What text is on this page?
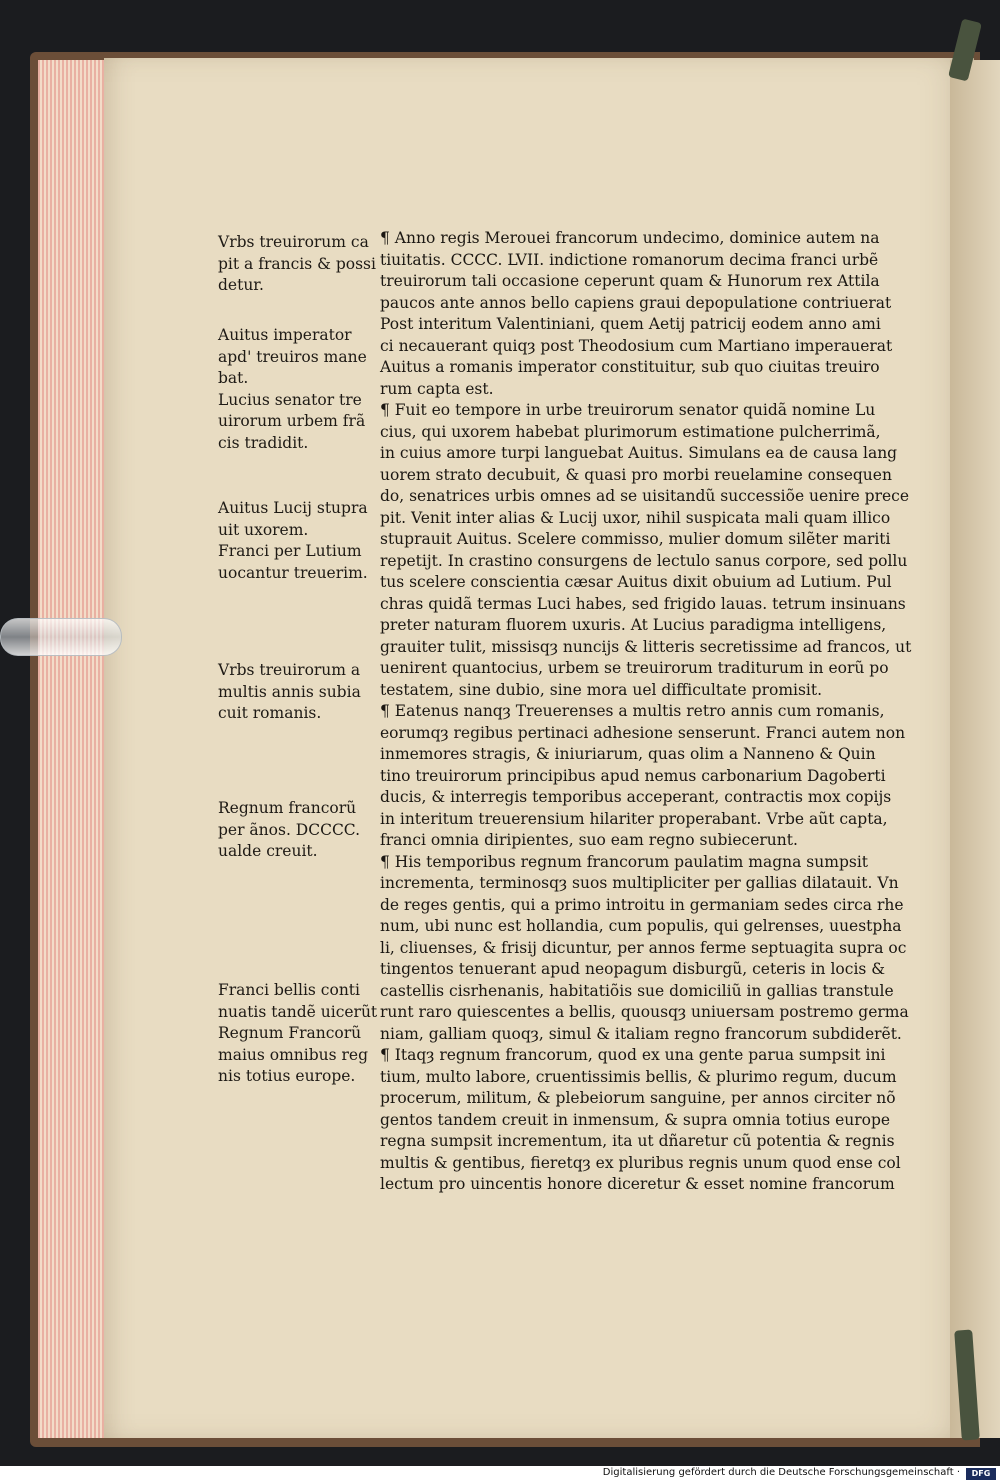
Vrbs treuirorum ca
pit a francis & possi
detur.
Auitus imperator
apd' treuiros mane
bat.
Lucius senator tre
uirorum urbem frã
cis tradidit.
Auitus Lucij stupra
uit uxorem.
Franci per Lutium
uocantur treuerim.
Vrbs treuirorum a
multis annis subia
cuit romanis.
Regnum francorũ
per ãnos. DCCCC.
ualde creuit.
Franci bellis conti
nuatis tandẽ uicerũt
Regnum Francorũ
maius omnibus reg
nis totius europe.
¶ Anno regis Merouei francorum undecimo, dominice autem na
tiuitatis. CCCC. LVII. indictione romanorum decima franci urbẽ
treuirorum tali occasione ceperunt quam & Hunorum rex Attila
paucos ante annos bello capiens graui depopulatione contriuerat
Post interitum Valentiniani, quem Aetij patricij eodem anno ami
ci necauerant quiqȝ post Theodosium cum Martiano imperauerat
Auitus a romanis imperator constituitur, sub quo ciuitas treuiro
rum capta est.
¶ Fuit eo tempore in urbe treuirorum senator quidã nomine Lu
cius, qui uxorem habebat plurimorum estimatione pulcherrimã,
in cuius amore turpi languebat Auitus. Simulans ea de causa lang
uorem strato decubuit, & quasi pro morbi reuelamine consequen
do, senatrices urbis omnes ad se uisitandũ successiõe uenire prece
pit. Venit inter alias & Lucij uxor, nihil suspicata mali quam illico
stuprauit Auitus. Scelere commisso, mulier domum silẽter mariti
repetijt. In crastino consurgens de lectulo sanus corpore, sed pollu
tus scelere conscientia cæsar Auitus dixit obuium ad Lutium. Pul
chras quidã termas Luci habes, sed frigido lauas. tetrum insinuans
preter naturam fluorem uxuris. At Lucius paradigma intelligens,
grauiter tulit, missisqȝ nuncijs & litteris secretissime ad francos, ut
uenirent quantocius, urbem se treuirorum traditurum in eorũ po
testatem, sine dubio, sine mora uel difficultate promisit.
¶ Eatenus nanqȝ Treuerenses a multis retro annis cum romanis,
eorumqȝ regibus pertinaci adhesione senserunt. Franci autem non
inmemores stragis, & iniuriarum, quas olim a Nanneno & Quin
tino treuirorum principibus apud nemus carbonarium Dagoberti
ducis, & interregis temporibus acceperant, contractis mox copijs
in interitum treuerensium hilariter properabant. Vrbe aũt capta,
franci omnia diripientes, suo eam regno subiecerunt.
¶ His temporibus regnum francorum paulatim magna sumpsit
incrementa, terminosqȝ suos multipliciter per gallias dilatauit. Vn
de reges gentis, qui a primo introitu in germaniam sedes circa rhe
num, ubi nunc est hollandia, cum populis, qui gelrenses, uuestpha
li, cliuenses, & frisij dicuntur, per annos ferme septuagita supra oc
tingentos tenuerant apud neopagum disburgũ, ceteris in locis &
castellis cisrhenanis, habitatiõis sue domiciliũ in gallias transtule
runt raro quiescentes a bellis, quousqȝ uniuersam postremo germa
niam, galliam quoqȝ, simul & italiam regno francorum subdiderẽt.
¶ Itaqȝ regnum francorum, quod ex una gente parua sumpsit ini
tium, multo labore, cruentissimis bellis, & plurimo regum, ducum
procerum, militum, & plebeiorum sanguine, per annos circiter nõ
gentos tandem creuit in inmensum, & supra omnia totius europe
regna sumpsit incrementum, ita ut dñaretur cũ potentia & regnis
multis & gentibus, fieretqȝ ex pluribus regnis unum quod ense col
lectum pro uincentis honore diceretur & esset nomine francorum
Digitalisierung gefördert durch die Deutsche Forschungsgemeinschaft ·	DFG
